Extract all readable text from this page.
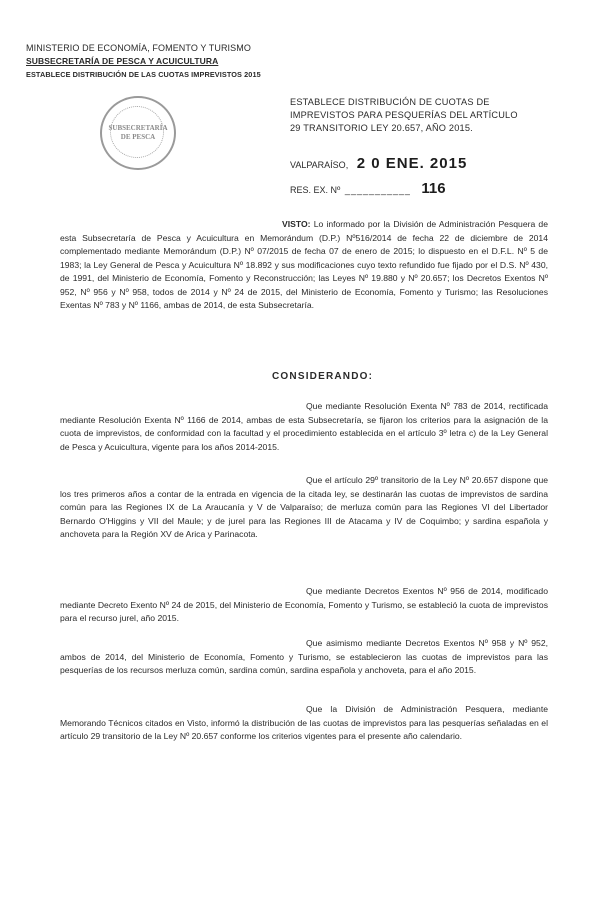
MINISTERIO DE ECONOMÍA, FOMENTO Y TURISMO
SUBSECRETARÍA DE PESCA Y ACUICULTURA
ESTABLECE DISTRIBUCIÓN DE LAS CUOTAS IMPREVISTOS 2015
SUBSECRETARÍA
DE PESCA
ESTABLECE DISTRIBUCIÓN DE CUOTAS DE IMPREVISTOS PARA PESQUERÍAS DEL ARTÍCULO 29 TRANSITORIO LEY 20.657, AÑO 2015.
VALPARAÍSO, 2 0 ENE. 2015
RES. EX. Nº ___________ 116
VISTO: Lo informado por la División de Administración Pesquera de esta Subsecretaría de Pesca y Acuicultura en Memorándum (D.P.) Nº516/2014 de fecha 22 de diciembre de 2014 complementado mediante Memorándum (D.P.) Nº 07/2015 de fecha 07 de enero de 2015; lo dispuesto en el D.F.L. Nº 5 de 1983; la Ley General de Pesca y Acuicultura Nº 18.892 y sus modificaciones cuyo texto refundido fue fijado por el D.S. Nº 430, de 1991, del Ministerio de Economía, Fomento y Reconstrucción; las Leyes Nº 19.880 y Nº 20.657; los Decretos Exentos Nº 952, Nº 956 y Nº 958, todos de 2014 y Nº 24 de 2015, del Ministerio de Economía, Fomento y Turismo; las Resoluciones Exentas Nº 783 y Nº 1166, ambas de 2014, de esta Subsecretaría.
CONSIDERANDO:
Que mediante Resolución Exenta Nº 783 de 2014, rectificada mediante Resolución Exenta Nº 1166 de 2014, ambas de esta Subsecretaría, se fijaron los criterios para la asignación de la cuota de imprevistos, de conformidad con la facultad y el procedimiento establecida en el artículo 3º letra c) de la Ley General de Pesca y Acuicultura, vigente para los años 2014-2015.
Que el artículo 29º transitorio de la Ley Nº 20.657 dispone que los tres primeros años a contar de la entrada en vigencia de la citada ley, se destinarán las cuotas de imprevistos de sardina común para las Regiones IX de La Araucanía y V de Valparaíso; de merluza común para las Regiones VI del Libertador Bernardo O'Higgins y VII del Maule; y de jurel para las Regiones III de Atacama y IV de Coquimbo; y sardina española y anchoveta para la Región XV de Arica y Parinacota.
Que mediante Decretos Exentos Nº 956 de 2014, modificado mediante Decreto Exento Nº 24 de 2015, del Ministerio de Economía, Fomento y Turismo, se estableció la cuota de imprevistos para el recurso jurel, año 2015.
Que asimismo mediante Decretos Exentos Nº 958 y Nº 952, ambos de 2014, del Ministerio de Economía, Fomento y Turismo, se establecieron las cuotas de imprevistos para las pesquerías de los recursos merluza común, sardina común, sardina española y anchoveta, para el año 2015.
Que la División de Administración Pesquera, mediante Memorando Técnicos citados en Visto, informó la distribución de las cuotas de imprevistos para las pesquerías señaladas en el artículo 29 transitorio de la Ley Nº 20.657 conforme los criterios vigentes para el presente año calendario.
